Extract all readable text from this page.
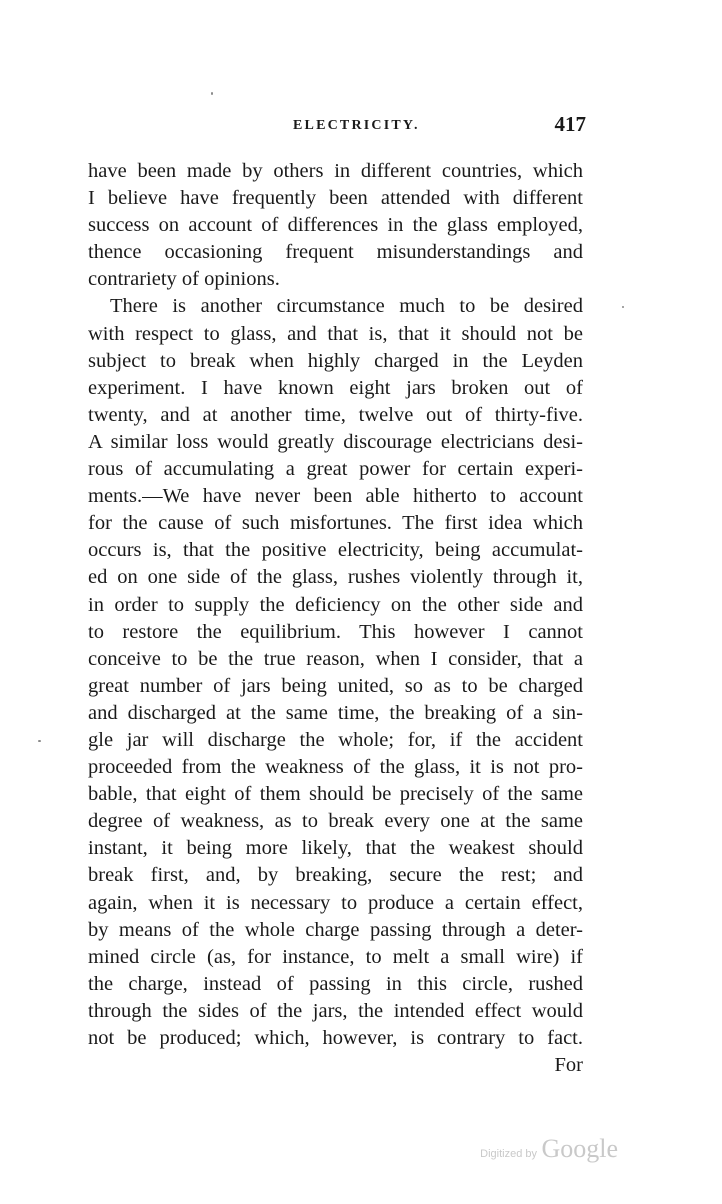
ELECTRICITY.	417
have been made by others in different countries, which
I believe have frequently been attended with different
success on account of differences in the glass employed,
thence occasioning frequent misunderstandings and
contrariety of opinions.
There is another circumstance much to be desired
with respect to glass, and that is, that it should not be
subject to break when highly charged in the Leyden
experiment. I have known eight jars broken out of
twenty, and at another time, twelve out of thirty-five.
A similar loss would greatly discourage electricians desi-
rous of accumulating a great power for certain experi-
ments.—We have never been able hitherto to account
for the cause of such misfortunes. The first idea which
occurs is, that the positive electricity, being accumulat-
ed on one side of the glass, rushes violently through it,
in order to supply the deficiency on the other side and
to restore the equilibrium. This however I cannot
conceive to be the true reason, when I consider, that a
great number of jars being united, so as to be charged
and discharged at the same time, the breaking of a sin-
gle jar will discharge the whole; for, if the accident
proceeded from the weakness of the glass, it is not pro-
bable, that eight of them should be precisely of the same
degree of weakness, as to break every one at the same
instant, it being more likely, that the weakest should
break first, and, by breaking, secure the rest; and
again, when it is necessary to produce a certain effect,
by means of the whole charge passing through a deter-
mined circle (as, for instance, to melt a small wire) if
the charge, instead of passing in this circle, rushed
through the sides of the jars, the intended effect would
not be produced; which, however, is contrary to fact.
For
Digitized by Google
